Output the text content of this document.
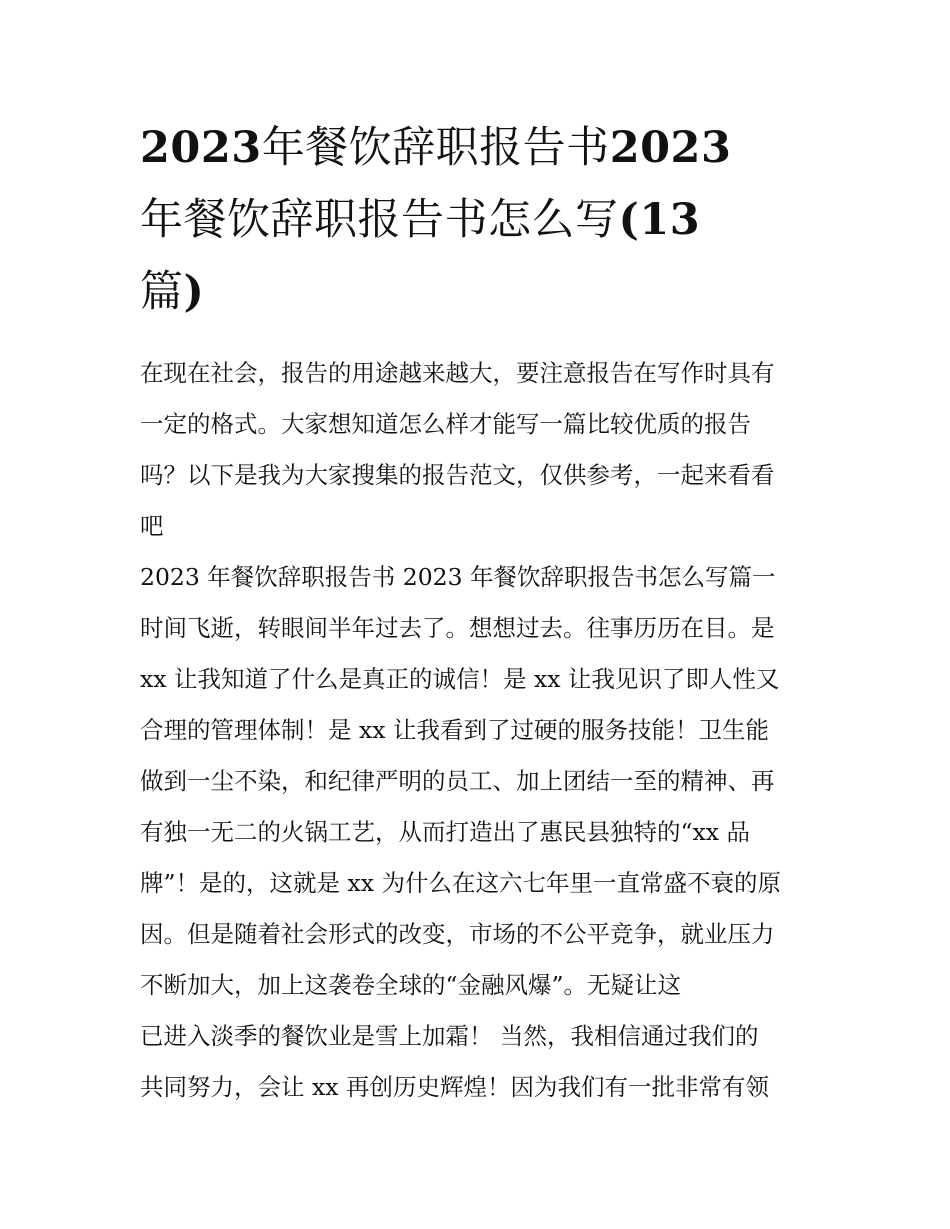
2023年餐饮辞职报告书2023
年餐饮辞职报告书怎么写(13
篇)
在现在社会，报告的用途越来越大，要注意报告在写作时具有
一定的格式。大家想知道怎么样才能写一篇比较优质的报告
吗？以下是我为大家搜集的报告范文，仅供参考，一起来看看
吧
2023 年餐饮辞职报告书 2023 年餐饮辞职报告书怎么写篇一
时间飞逝，转眼间半年过去了。想想过去。往事历历在目。是
xx 让我知道了什么是真正的诚信！是 xx 让我见识了即人性又
合理的管理体制！是 xx 让我看到了过硬的服务技能！卫生能
做到一尘不染，和纪律严明的员工、加上团结一至的精神、再
有独一无二的火锅工艺，从而打造出了惠民县独特的“xx 品
牌”！是的，这就是 xx 为什么在这六七年里一直常盛不衰的原
因。但是随着社会形式的改变，市场的不公平竞争，就业压力
不断加大，加上这袭卷全球的“金融风爆”。无疑让这
已进入淡季的餐饮业是雪上加霜！ 当然，我相信通过我们的
共同努力，会让 xx 再创历史辉煌！因为我们有一批非常有领
